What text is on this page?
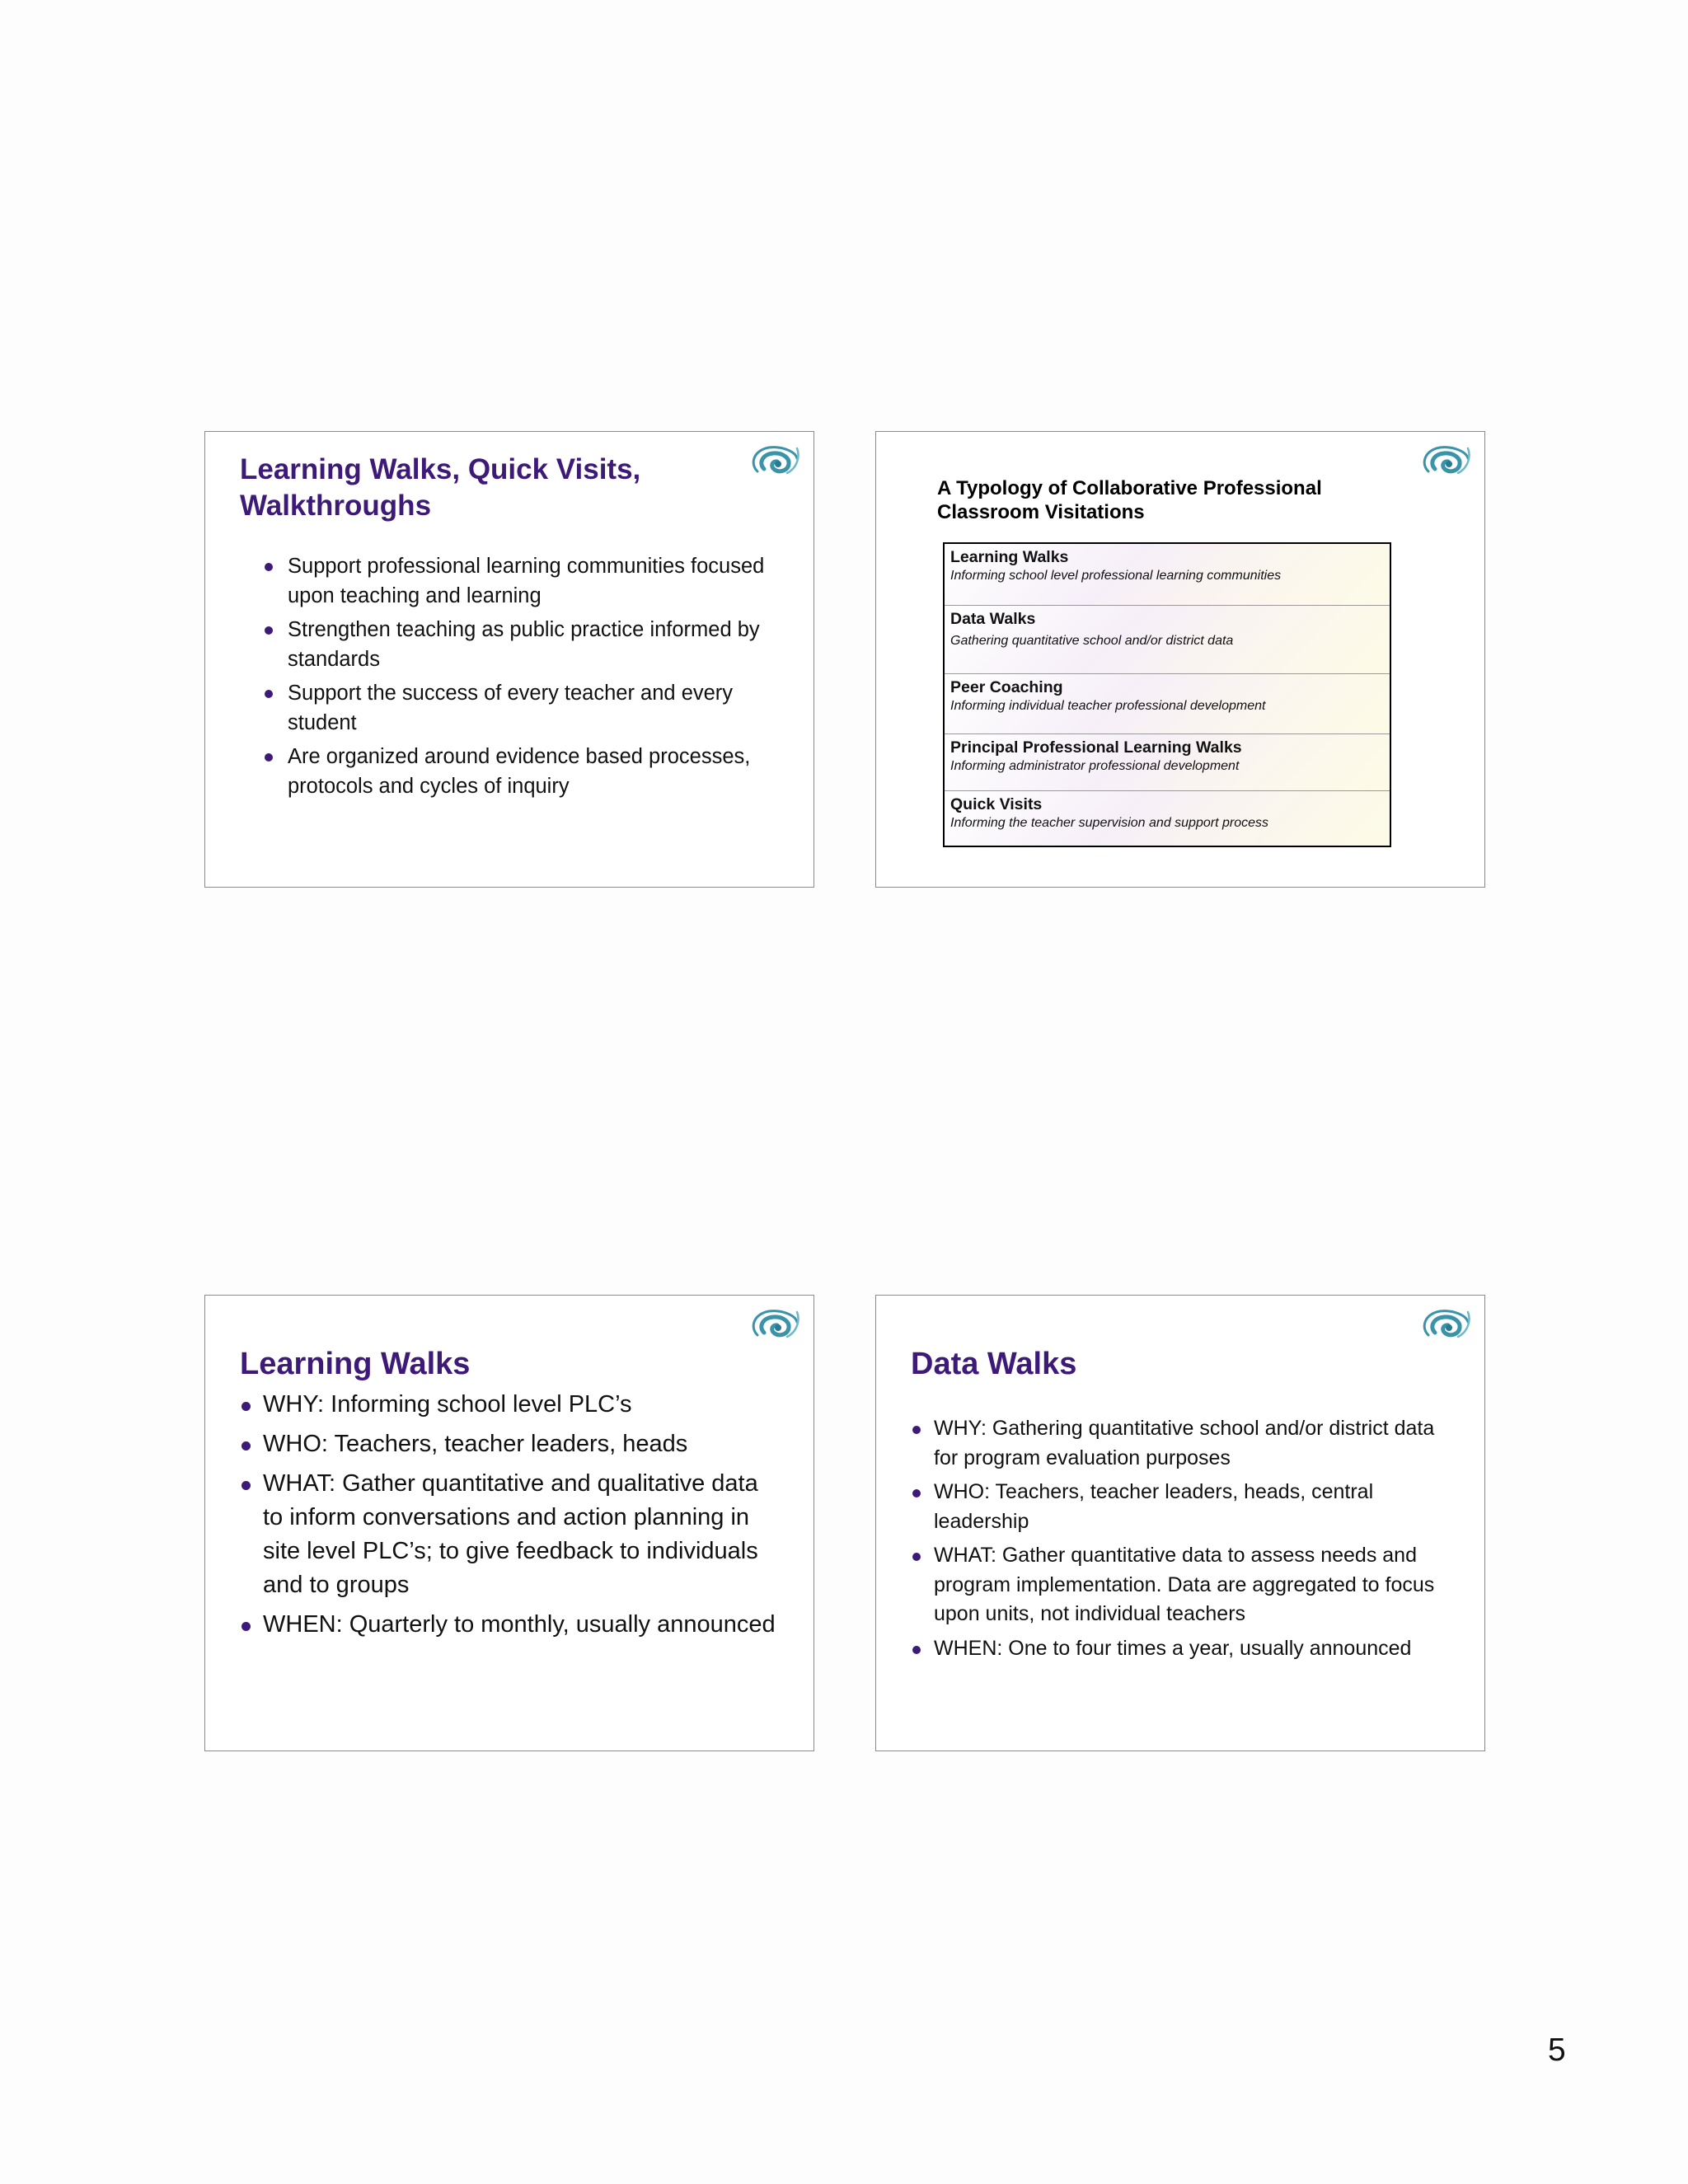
Learning Walks, Quick Visits, Walkthroughs
Support professional learning communities focused upon teaching and learning
Strengthen teaching as public practice informed by standards
Support the success of every teacher and every student
Are organized around evidence based processes, protocols and cycles of inquiry
A Typology of Collaborative Professional Classroom Visitations
Learning Walks
Informing school level professional learning communities
Data Walks
Gathering quantitative school and/or district data
Peer Coaching
Informing individual teacher professional development
Principal Professional Learning Walks
Informing administrator professional development
Quick Visits
Informing the teacher supervision and support process
Learning Walks
WHY: Informing school level PLC’s
WHO: Teachers, teacher leaders, heads
WHAT: Gather quantitative and qualitative data to inform conversations and action planning in site level PLC’s; to give feedback to individuals and to groups
WHEN: Quarterly to monthly, usually announced
Data Walks
WHY: Gathering quantitative school and/or district data for program evaluation purposes
WHO: Teachers, teacher leaders, heads, central leadership
WHAT: Gather quantitative data to assess needs and program implementation. Data are aggregated to focus upon units, not individual teachers
WHEN: One to four times a year, usually announced
5
